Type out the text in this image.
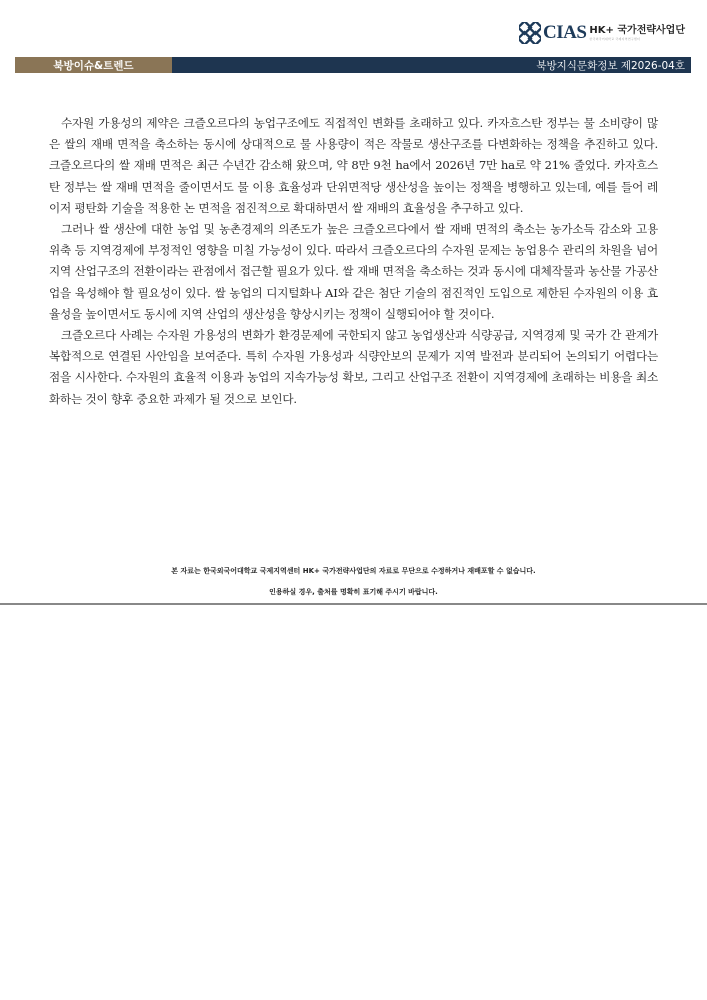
CIAS HK+ 국가전략사업단
한국외국어대학교 국제지역연구센터
북방이슈&트렌드	북방지식문화정보 제2026-04호

수자원 가용성의 제약은 크즐오르다의 농업구조에도 직접적인 변화를 초래하고 있다. 카자흐스탄 정부는 물 소비량이 많은 쌀의 재배 면적을 축소하는 동시에 상대적으로 물 사용량이 적은 작물로 생산구조를 다변화하는 정책을 추진하고 있다. 크즐오르다의 쌀 재배 면적은 최근 수년간 감소해 왔으며, 약 8만 9천 ha에서 2026년 7만 ha로 약 21% 줄었다. 카자흐스탄 정부는 쌀 재배 면적을 줄이면서도 물 이용 효율성과 단위면적당 생산성을 높이는 정책을 병행하고 있는데, 예를 들어 레이저 평탄화 기술을 적용한 논 면적을 점진적으로 확대하면서 쌀 재배의 효율성을 추구하고 있다.

그러나 쌀 생산에 대한 농업 및 농촌경제의 의존도가 높은 크즐오르다에서 쌀 재배 면적의 축소는 농가소득 감소와 고용 위축 등 지역경제에 부정적인 영향을 미칠 가능성이 있다. 따라서 크즐오르다의 수자원 문제는 농업용수 관리의 차원을 넘어 지역 산업구조의 전환이라는 관점에서 접근할 필요가 있다. 쌀 재배 면적을 축소하는 것과 동시에 대체작물과 농산물 가공산업을 육성해야 할 필요성이 있다. 쌀 농업의 디지털화나 AI와 같은 첨단 기술의 점진적인 도입으로 제한된 수자원의 이용 효율성을 높이면서도 동시에 지역 산업의 생산성을 향상시키는 정책이 실행되어야 할 것이다.

크즐오르다 사례는 수자원 가용성의 변화가 환경문제에 국한되지 않고 농업생산과 식량공급, 지역경제 및 국가 간 관계가 복합적으로 연결된 사안임을 보여준다. 특히 수자원 가용성과 식량안보의 문제가 지역 발전과 분리되어 논의되기 어렵다는 점을 시사한다. 수자원의 효율적 이용과 농업의 지속가능성 확보, 그리고 산업구조 전환이 지역경제에 초래하는 비용을 최소화하는 것이 향후 중요한 과제가 될 것으로 보인다.

본 자료는 한국외국어대학교 국제지역센터 HK+ 국가전략사업단의 자료로 무단으로 수정하거나 재배포할 수 없습니다.
인용하실 경우, 출처를 명확히 표기해 주시기 바랍니다.
